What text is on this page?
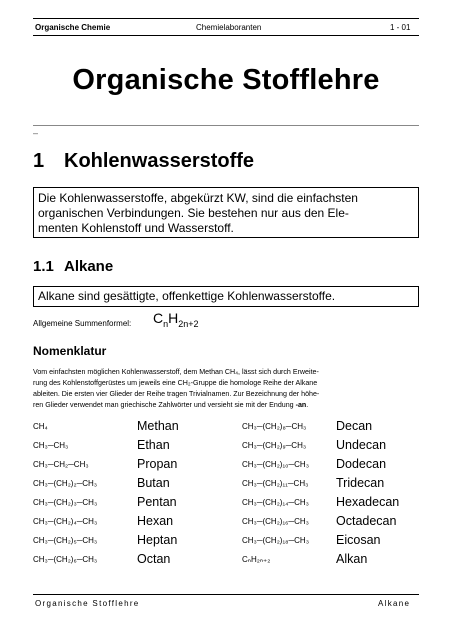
Organische Chemie	Chemielaboranten	1 - 01
Organische Stofflehre
–
1 Kohlenwasserstoffe
Die Kohlenwasserstoffe, abgekürzt KW, sind die einfachsten
organischen Verbindungen. Sie bestehen nur aus den Ele-
menten Kohlenstoff und Wasserstoff.
1.1 Alkane
Alkane sind gesättigte, offenkettige Kohlenwasserstoffe.
Allgemeine Summenformel: $C_nH_{2n+2}$
Nomenklatur
Vom einfachsten möglichen Kohlenwasserstoff, dem Methan CH₄, lässt sich durch Erweite-
rung des Kohlenstoffgerüstes um jeweils eine CH₂-Gruppe die homologe Reihe der Alkane
ableiten. Die ersten vier Glieder der Reihe tragen Trivialnamen. Zur Bezeichnung der höhe-
ren Glieder verwendet man griechische Zahlwörter und versieht sie mit der Endung -an.
CH₄	Methan
CH₃─CH₃	Ethan
CH₃─CH₂─CH₃	Propan
CH₃─(CH₂)₂─CH₃	Butan
CH₃─(CH₂)₃─CH₃	Pentan
CH₃─(CH₂)₄─CH₃	Hexan
CH₃─(CH₂)₅─CH₃	Heptan
CH₃─(CH₂)₆─CH₃	Octan
CH₃─(CH₂)₈─CH₃ Decan
CH₃─(CH₂)₉─CH₃ Undecan
CH₃─(CH₂)₁₀─CH₃ Dodecan
CH₃─(CH₂)₁₁─CH₃ Tridecan
CH₃─(CH₂)₁₄─CH₃ Hexadecan
CH₃─(CH₂)₁₆─CH₃ Octadecan
CH₃─(CH₂)₁₈─CH₃ Eicosan
CₙH₂ₙ₊₂	Alkan
Organische Stofflehre	Alkane
